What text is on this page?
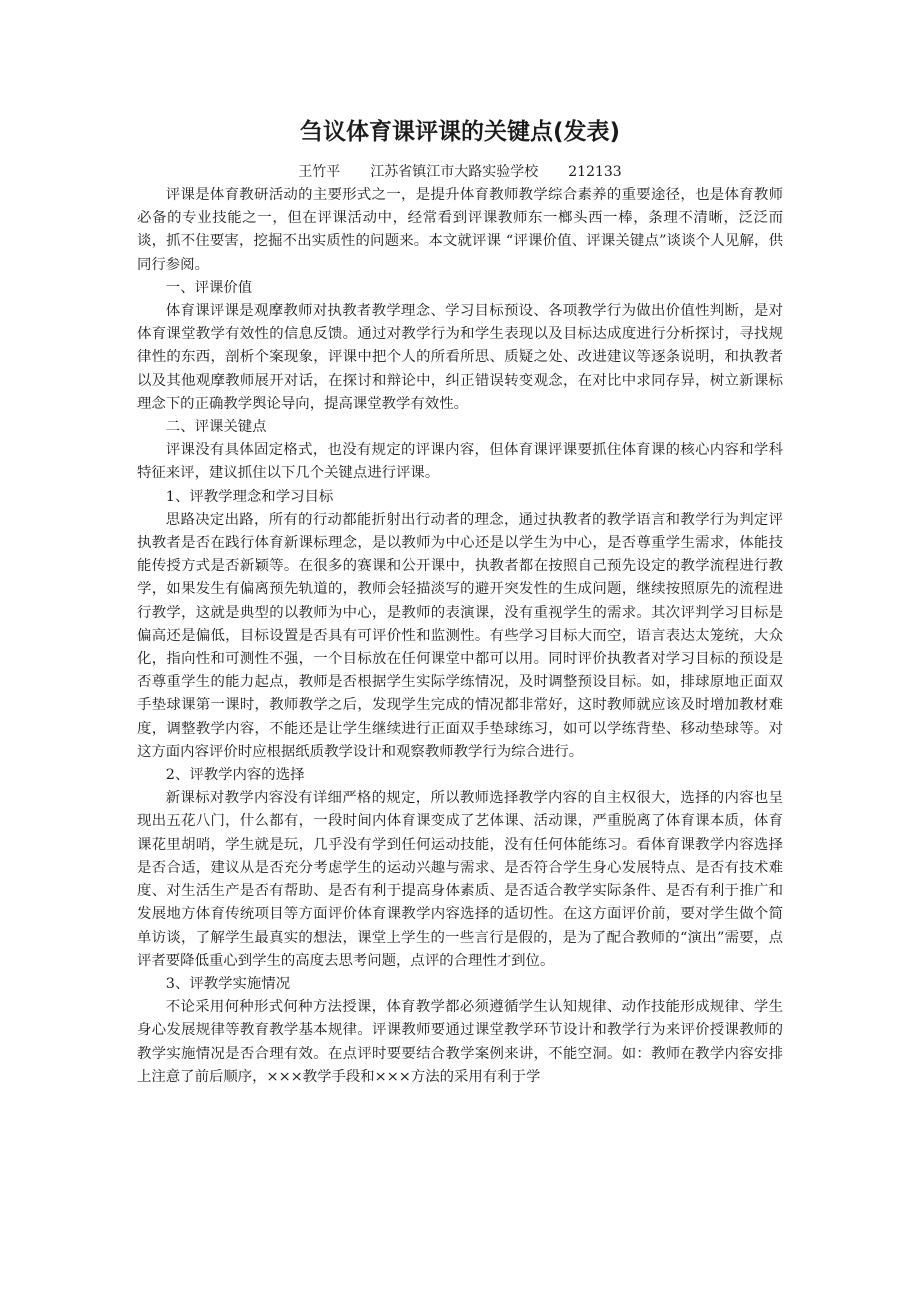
刍议体育课评课的关键点(发表)
王竹平 江苏省镇江市大路实验学校 212133

评课是体育教研活动的主要形式之一，是提升体育教师教学综合素养的重要途径，也是体育教师必备的专业技能之一，但在评课活动中，经常看到评课教师东一榔头西一棒，条理不清晰，泛泛而谈，抓不住要害，挖掘不出实质性的问题来。本文就评课 “评课价值、评课关键点”谈谈个人见解，供同行参阅。

一、评课价值

体育课评课是观摩教师对执教者教学理念、学习目标预设、各项教学行为做出价值性判断，是对体育课堂教学有效性的信息反馈。通过对教学行为和学生表现以及目标达成度进行分析探讨，寻找规律性的东西，剖析个案现象，评课中把个人的所看所思、质疑之处、改进建议等逐条说明，和执教者以及其他观摩教师展开对话，在探讨和辩论中，纠正错误转变观念，在对比中求同存异，树立新课标理念下的正确教学舆论导向，提高课堂教学有效性。

二、评课关键点

评课没有具体固定格式，也没有规定的评课内容，但体育课评课要抓住体育课的核心内容和学科特征来评，建议抓住以下几个关键点进行评课。

1、评教学理念和学习目标

思路决定出路，所有的行动都能折射出行动者的理念，通过执教者的教学语言和教学行为判定评执教者是否在践行体育新课标理念，是以教师为中心还是以学生为中心，是否尊重学生需求，体能技能传授方式是否新颖等。在很多的赛课和公开课中，执教者都在按照自己预先设定的教学流程进行教学，如果发生有偏离预先轨道的，教师会轻描淡写的避开突发性的生成问题，继续按照原先的流程进行教学，这就是典型的以教师为中心，是教师的表演课，没有重视学生的需求。其次评判学习目标是偏高还是偏低，目标设置是否具有可评价性和监测性。有些学习目标大而空，语言表达太笼统，大众化，指向性和可测性不强，一个目标放在任何课堂中都可以用。同时评价执教者对学习目标的预设是否尊重学生的能力起点，教师是否根据学生实际学练情况，及时调整预设目标。如，排球原地正面双手垫球课第一课时，教师教学之后，发现学生完成的情况都非常好，这时教师就应该及时增加教材难度，调整教学内容，不能还是让学生继续进行正面双手垫球练习，如可以学练背垫、移动垫球等。对这方面内容评价时应根据纸质教学设计和观察教师教学行为综合进行。

2、评教学内容的选择

新课标对教学内容没有详细严格的规定，所以教师选择教学内容的自主权很大，选择的内容也呈现出五花八门，什么都有，一段时间内体育课变成了艺体课、活动课，严重脱离了体育课本质，体育课花里胡哨，学生就是玩，几乎没有学到任何运动技能，没有任何体能练习。看体育课教学内容选择是否合适，建议从是否充分考虑学生的运动兴趣与需求、是否符合学生身心发展特点、是否有技术难度、对生活生产是否有帮助、是否有利于提高身体素质、是否适合教学实际条件、是否有利于推广和发展地方体育传统项目等方面评价体育课教学内容选择的适切性。在这方面评价前，要对学生做个简单访谈，了解学生最真实的想法，课堂上学生的一些言行是假的，是为了配合教师的“演出”需要，点评者要降低重心到学生的高度去思考问题，点评的合理性才到位。

3、评教学实施情况

不论采用何种形式何种方法授课，体育教学都必须遵循学生认知规律、动作技能形成规律、学生身心发展规律等教育教学基本规律。评课教师要通过课堂教学环节设计和教学行为来评价授课教师的教学实施情况是否合理有效。在点评时要要结合教学案例来讲，不能空洞。如：教师在教学内容安排上注意了前后顺序，×××教学手段和×××方法的采用有利于学
